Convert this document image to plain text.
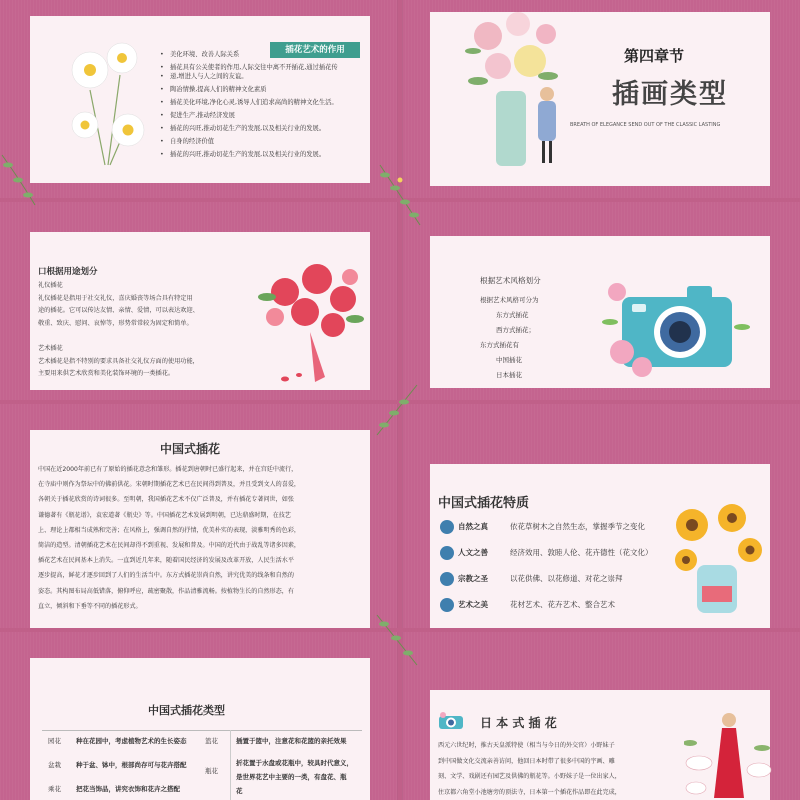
插花艺术的作用
• 美化环境、改善人际关系
• 插花具有公关使者的作用,人际交往中离不开插花,通过插花传
• 递,增进人与人之间的友谊。
• 陶冶情操,提高人们的精神文化素质
• 插花美化环境,净化心灵,诱导人们追求高尚的精神文化生活。
• 促进生产,推动经济发展
• 插花的兴旺,推动切花生产的发展,以及相关行业的发展。
• 自身的经济价值
• 插花的兴旺,推动切花生产的发展,以及相关行业的发展。
第四章节
插画类型
BREATH OF ELEGANCE SEND OUT OF THE CLASSIC LASTING
口根据用途划分
礼仪插花
礼仪插花是指用于社交礼仪，喜庆婚丧等场合具有特定用
途的插花。它可以传达友情、亲情、爱情，可以表达欢迎、
敬重、致庆、慰问、哀悼等，形势常常较为固定和简单。
艺术插花
艺术插花是指不特别的要求具备社交礼仪方面的使用功能，
主要用来供艺术欣赏和美化装饰环境的一类插花。
根据艺术风格划分
根据艺术风格可分为
东方式插花
西方式插花；
东方式插花有
中国插花
日本插花
中国式插花
中国在近2000年前已有了原始的插花意念和雏形。插花到唐朝时已盛行起来，并在宫廷中流行，
在寺庙中则作为祭坛中的佛前供花。宋朝时期插花艺术已在民间得到普及，并且受到文人的喜爱，
各朝关于插花欣赏的诗词很多。至明朝，我国插花艺术不仅广泛普及，并有插花专著问世，如张
谦德著有《瓶花谱》，袁宏道著《瓶史》等。中国插花艺术发展到明朝，已达鼎盛时期，在技艺
上、理论上都相当成熟和完善；在风格上，强调自然的抒情，优美朴实的表现，淡雅明秀的色彩，
简洁的造型。清朝插花艺术在民间却得不到重视、发展和普及。中国的近代由于战乱等诸多因素，
插花艺术在民间基本上消失。一直到近几年来，随着国民经济的发展及改革开放，人民生活水平
逐步提高，鲜花才逐步回到了人们的生活当中。东方式插花崇尚自然，讲究优美的线条和自然的
姿态。其构图布局高低错落，俯仰呼应，疏密聚散，作品清雅流畅。按植物生长的自然形态，有
直立，倾斜和下垂等不同的插花形式。
中国式插花特质
自然之真	依花草树木之自然生态，掌握季节之变化
人文之善	经济效用、敦睦人伦、花卉德性（花文化）
宗教之圣	以花供佛、以花修道、对花之崇拜
艺术之美	花材艺术、花卉艺术、整合艺术
中国式插花类型
园花 种在花园中，考虑植物艺术的生长姿态
盆栽 种于盆、钵中，根部尚存可与花卉搭配
乘花 把花当饰品，讲究衣饰和花卉之搭配
篮花	插置于篮中，注意花和花篮的亲托效果
瓶花
折花置于水盘或花瓶中，较具时代意义，
是世界花艺中主要的一类，有盘花、瓶
花
日 本 式 插 花
西元六世纪时，推古天皇派特使（相当与今日的外交官）小野妹子
到中国做文化交流亲善访问，他回日本时带了很多中国的宇画、雕
刻、文学、戏剧还有园艺及供佛的瓶花等。小野妹子是一位出家人，
住京都六角堂小池塘旁的顶法寺，日本第一个插花作品即在此完成，
